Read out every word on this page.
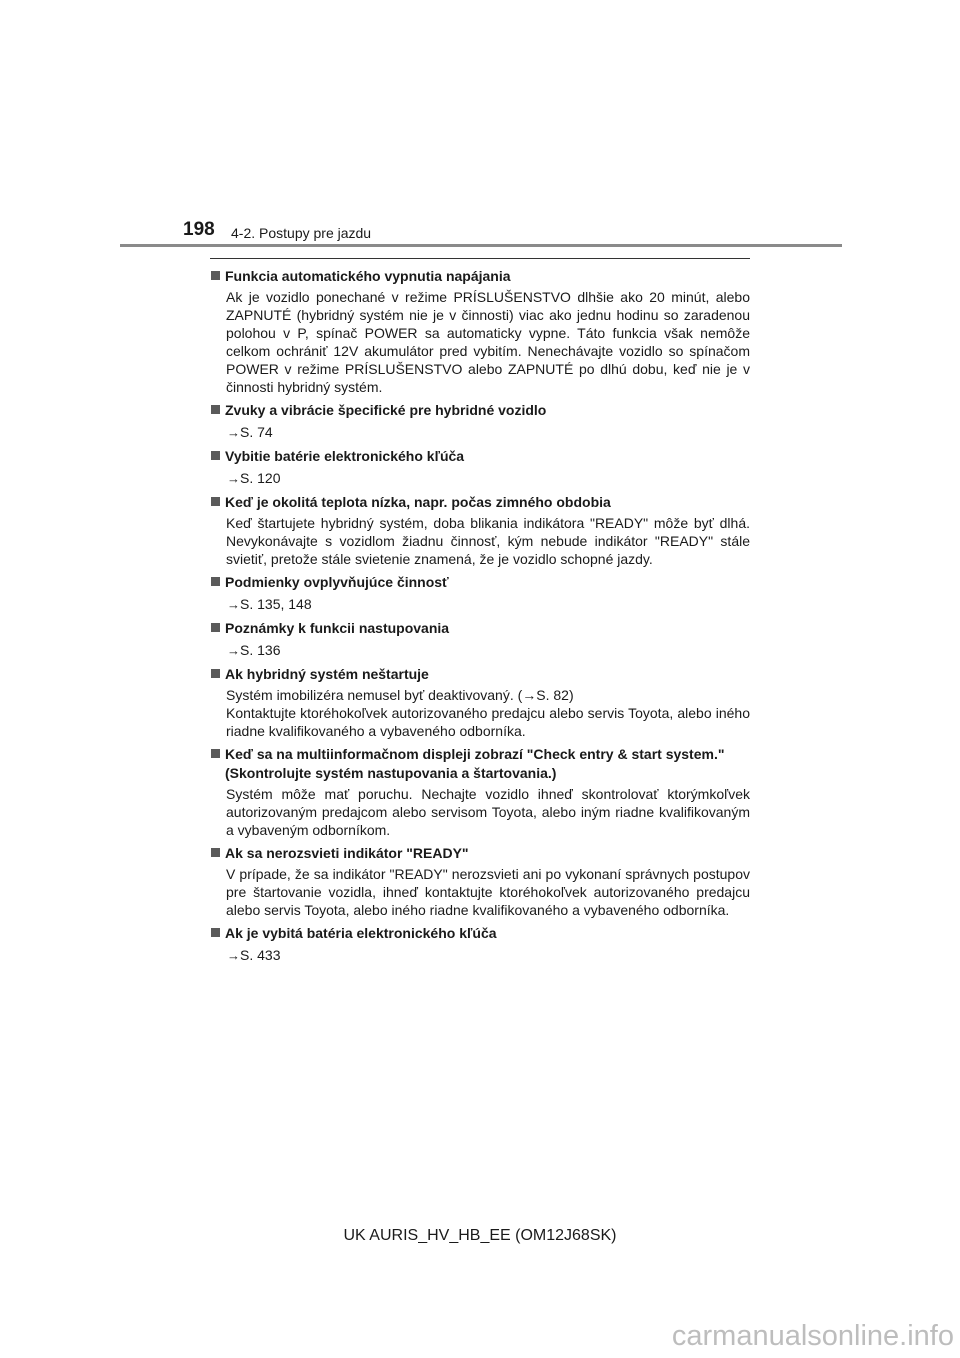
198 4-2. Postupy pre jazdu
Funkcia automatického vypnutia napájania

Ak je vozidlo ponechané v režime PRÍSLUŠENSTVO dlhšie ako 20 minút, alebo ZAPNUTÉ (hybridný systém nie je v činnosti) viac ako jednu hodinu so zaradenou polohou v P, spínač POWER sa automaticky vypne. Táto funkcia však nemôže celkom ochrániť 12V akumulátor pred vybitím. Nenechávajte vozidlo so spínačom POWER v režime PRÍSLUŠENSTVO alebo ZAPNUTÉ po dlhú dobu, keď nie je v činnosti hybridný systém.

Zvuky a vibrácie špecifické pre hybridné vozidlo
→S. 74
Vybitie batérie elektronického kľúča
→S. 120
Keď je okolitá teplota nízka, napr. počas zimného obdobia

Keď štartujete hybridný systém, doba blikania indikátora "READY" môže byť dlhá. Nevykonávajte s vozidlom žiadnu činnosť, kým nebude indikátor "READY" stále svietiť, pretože stále svietenie znamená, že je vozidlo schopné jazdy.

Podmienky ovplyvňujúce činnosť
→S. 135, 148
Poznámky k funkcii nastupovania
→S. 136
Ak hybridný systém neštartuje

Systém imobilizéra nemusel byť deaktivovaný. (→S. 82)

Kontaktujte ktoréhokoľvek autorizovaného predajcu alebo servis Toyota, alebo iného riadne kvalifikovaného a vybaveného odborníka.

Keď sa na multiinformačnom displeji zobrazí "Check entry & start system." (Skontrolujte systém nastupovania a štartovania.)

Systém môže mať poruchu. Nechajte vozidlo ihneď skontrolovať ktorýmkoľvek autorizovaným predajcom alebo servisom Toyota, alebo iným riadne kvalifikovaným a vybaveným odborníkom.

Ak sa nerozsvieti indikátor "READY"

V prípade, že sa indikátor "READY" nerozsvieti ani po vykonaní správnych postupov pre štartovanie vozidla, ihneď kontaktujte ktoréhokoľvek autorizovaného predajcu alebo servis Toyota, alebo iného riadne kvalifikovaného a vybaveného odborníka.

Ak je vybitá batéria elektronického kľúča
→S. 433
UK AURIS_HV_HB_EE (OM12J68SK)
carmanualsonline.info
